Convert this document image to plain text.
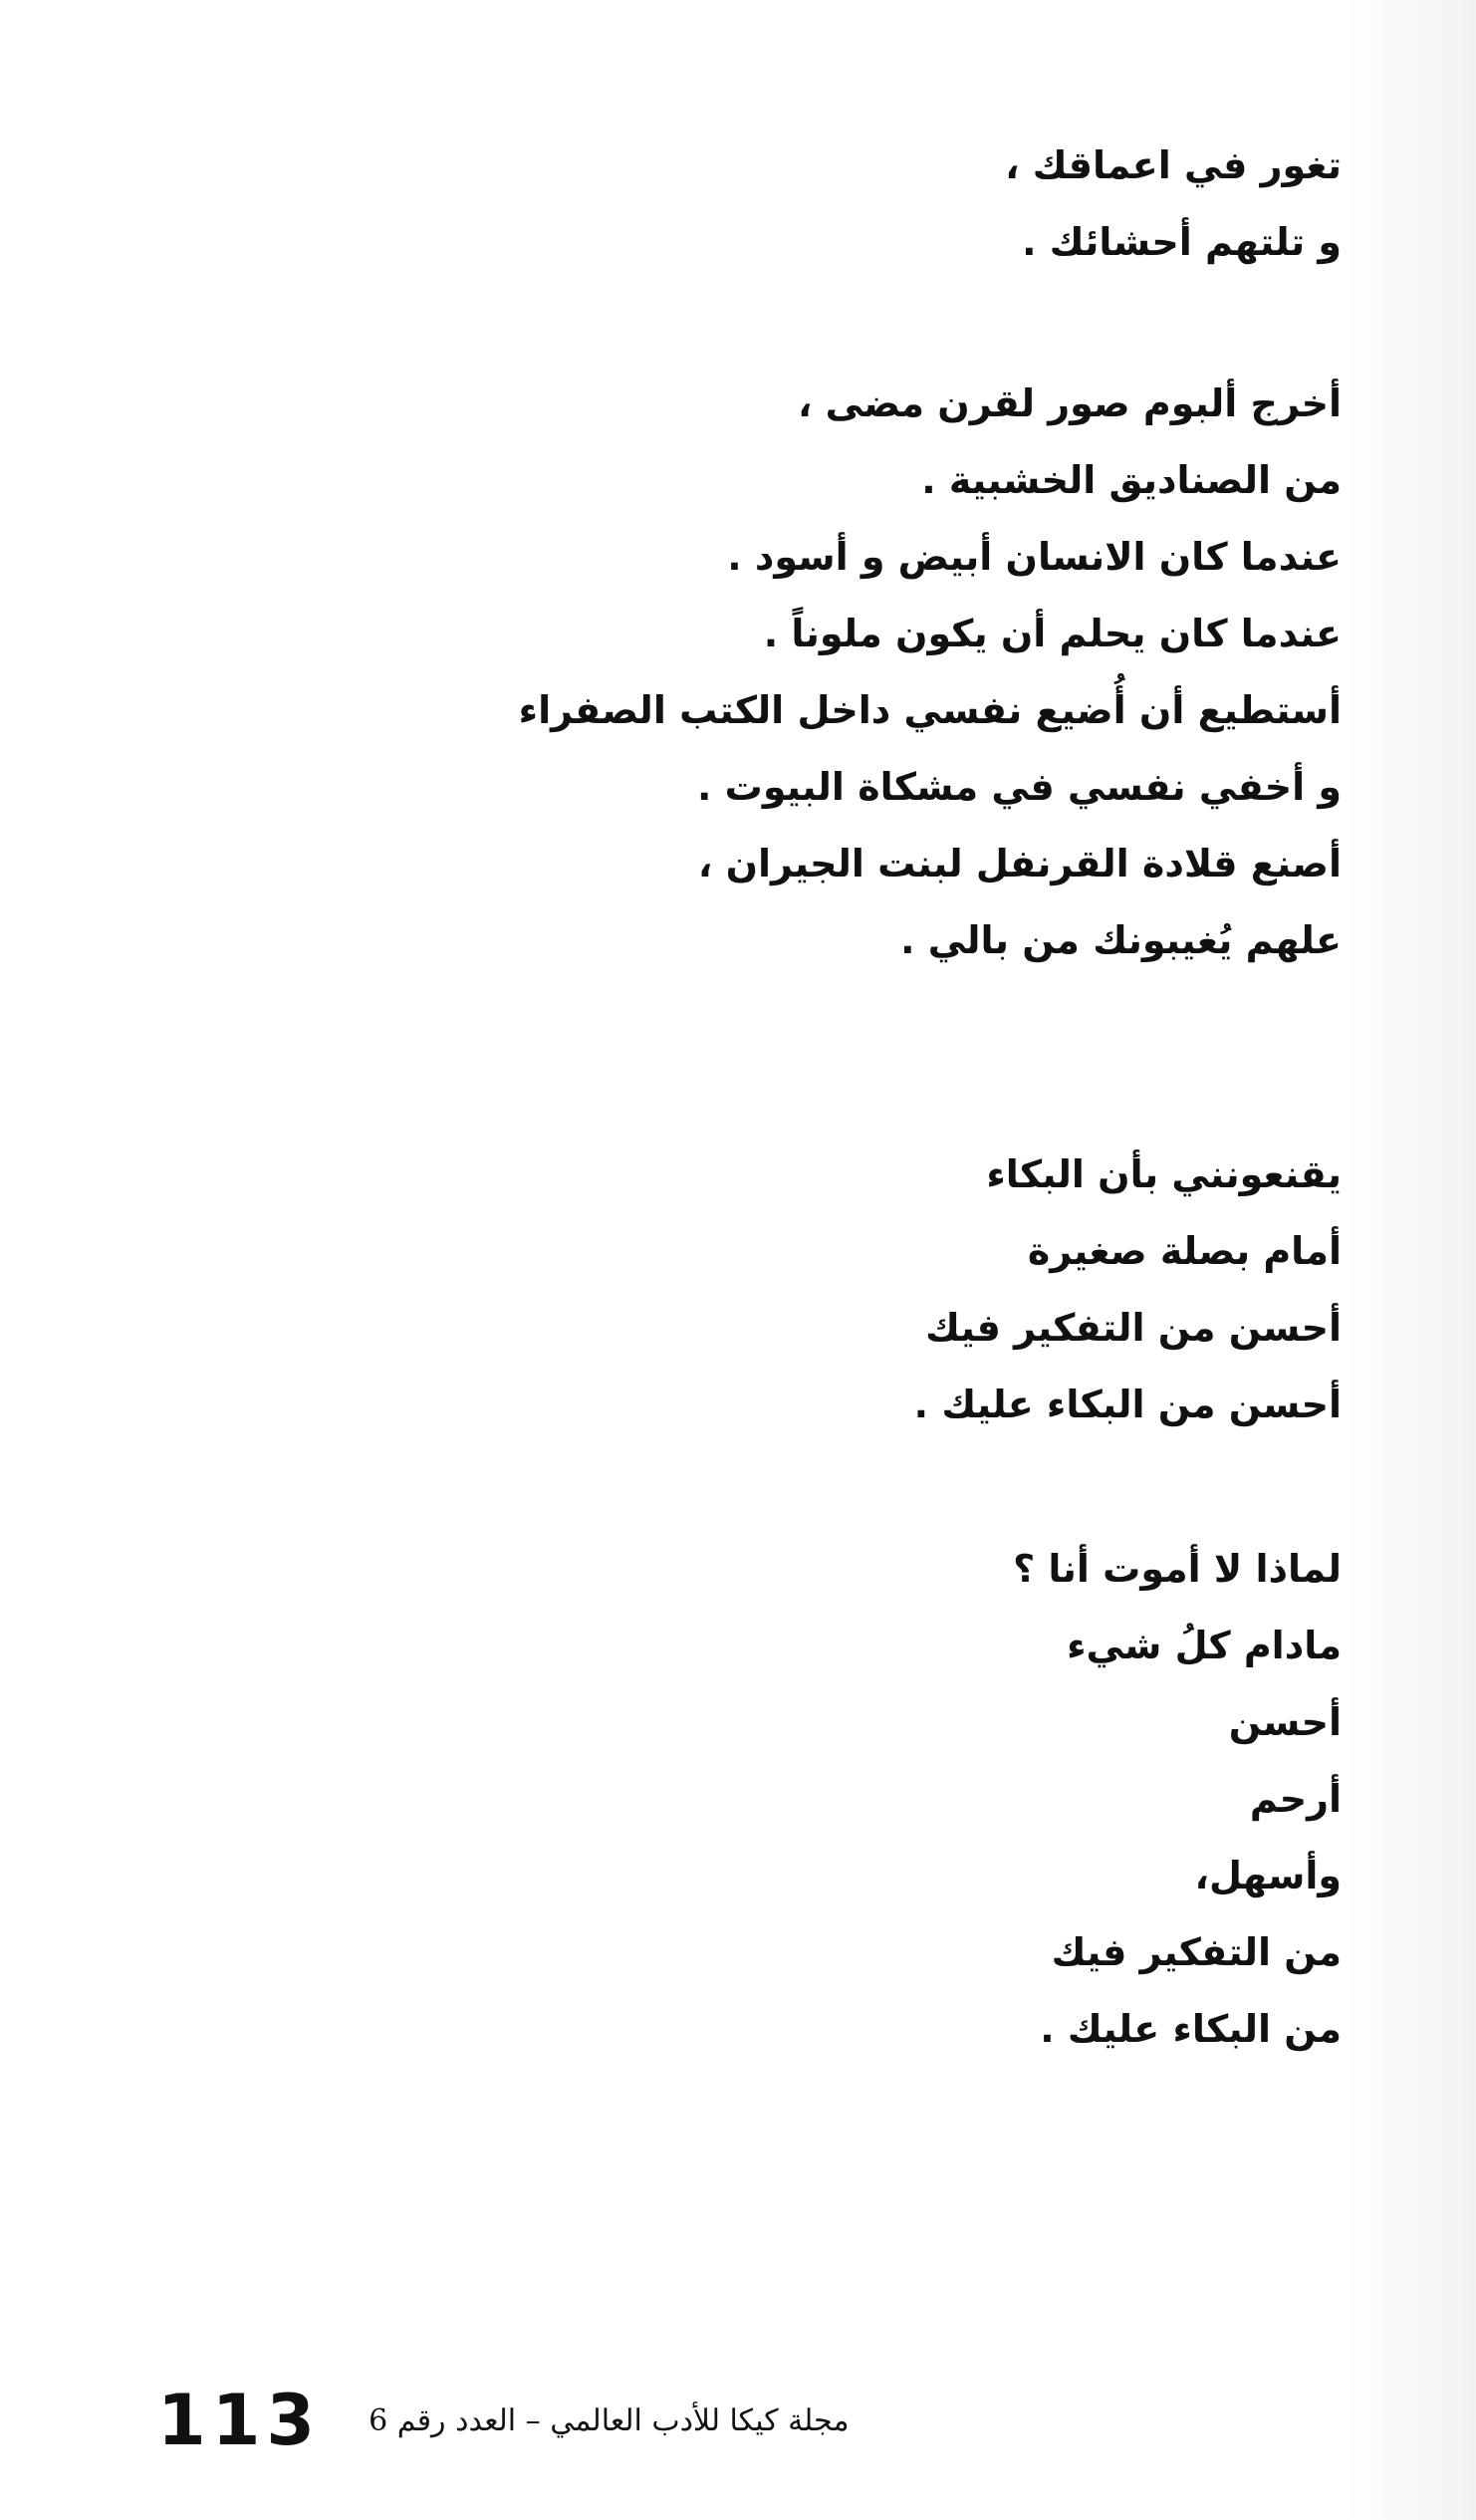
تغور في اعماقك ،
و تلتهم أحشائك .
أخرج ألبوم صور لقرن مضى ،
من الصناديق الخشبية .
عندما كان الانسان أبيض و أسود .
عندما كان يحلم أن يكون ملوناً .
أستطيع أن أُضيع نفسي داخل الكتب الصفراء
و أخفي نفسي في مشكاة البيوت .
أصنع قلادة القرنفل لبنت الجيران ،
علهم يُغيبونك من بالي .
يقنعونني بأن البكاء
أمام بصلة صغيرة
أحسن من التفكير فيك
أحسن من البكاء عليك .
لماذا لا أموت أنا ؟
مادام كلُ شيء
أحسن
أرحم
وأسهل،
من التفكير فيك
من البكاء عليك .
113 مجلة كيكا للأدب العالمي – العدد رقم 6
